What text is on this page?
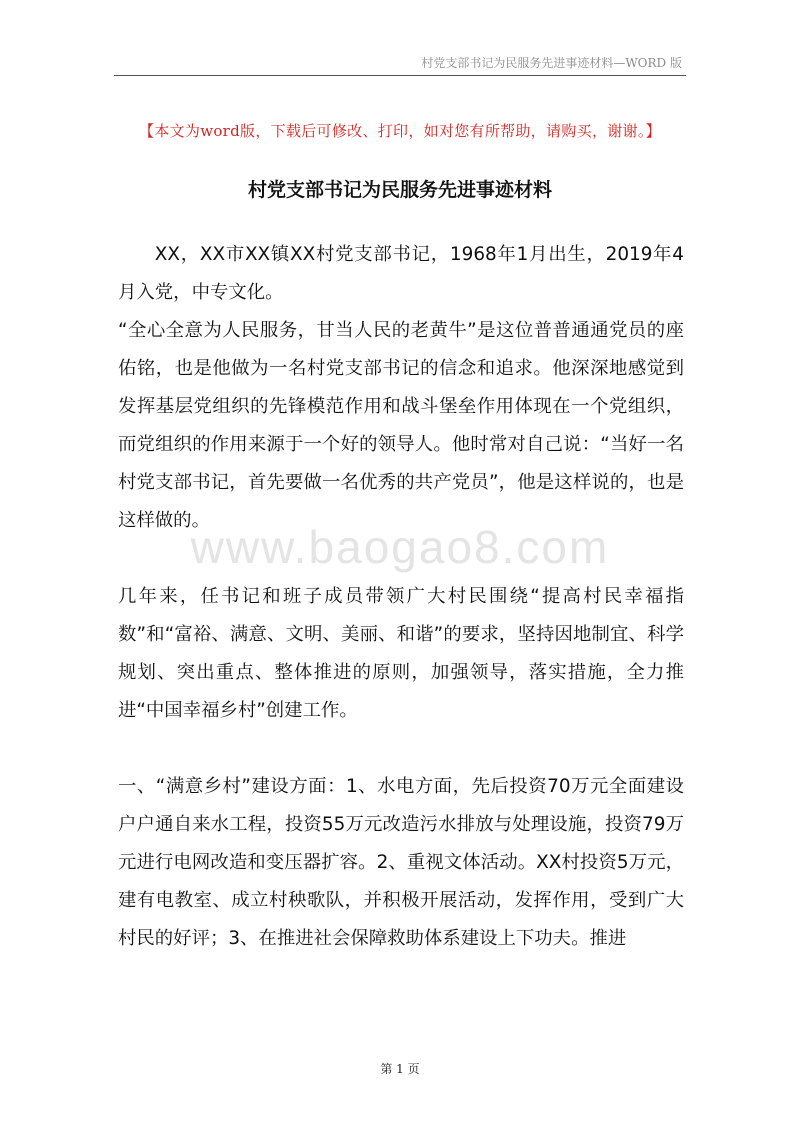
村党支部书记为民服务先进事迹材料—WORD 版
【本文为word版，下载后可修改、打印，如对您有所帮助，请购买，谢谢。】
村党支部书记为民服务先进事迹材料
www.baogao8.com

XX，XX市XX镇XX村党支部书记，1968年1月出生，2019年4月入党，中专文化。

“全心全意为人民服务，甘当人民的老黄牛”是这位普普通通党员的座佑铭，也是他做为一名村党支部书记的信念和追求。他深深地感觉到发挥基层党组织的先锋模范作用和战斗堡垒作用体现在一个党组织，而党组织的作用来源于一个好的领导人。他时常对自己说：“当好一名村党支部书记，首先要做一名优秀的共产党员”，他是这样说的，也是这样做的。

几年来，任书记和班子成员带领广大村民围绕“提高村民幸福指数”和“富裕、满意、文明、美丽、和谐”的要求，坚持因地制宜、科学规划、突出重点、整体推进的原则，加强领导，落实措施，全力推进“中国幸福乡村”创建工作。

一、“满意乡村”建设方面：1、水电方面，先后投资70万元全面建设户户通自来水工程，投资55万元改造污水排放与处理设施，投资79万元进行电网改造和变压器扩容。2、重视文体活动。XX村投资5万元，建有电教室、成立村秧歌队，并积极开展活动，发挥作用，受到广大村民的好评；3、在推进社会保障救助体系建设上下功夫。推进

第 1 页
